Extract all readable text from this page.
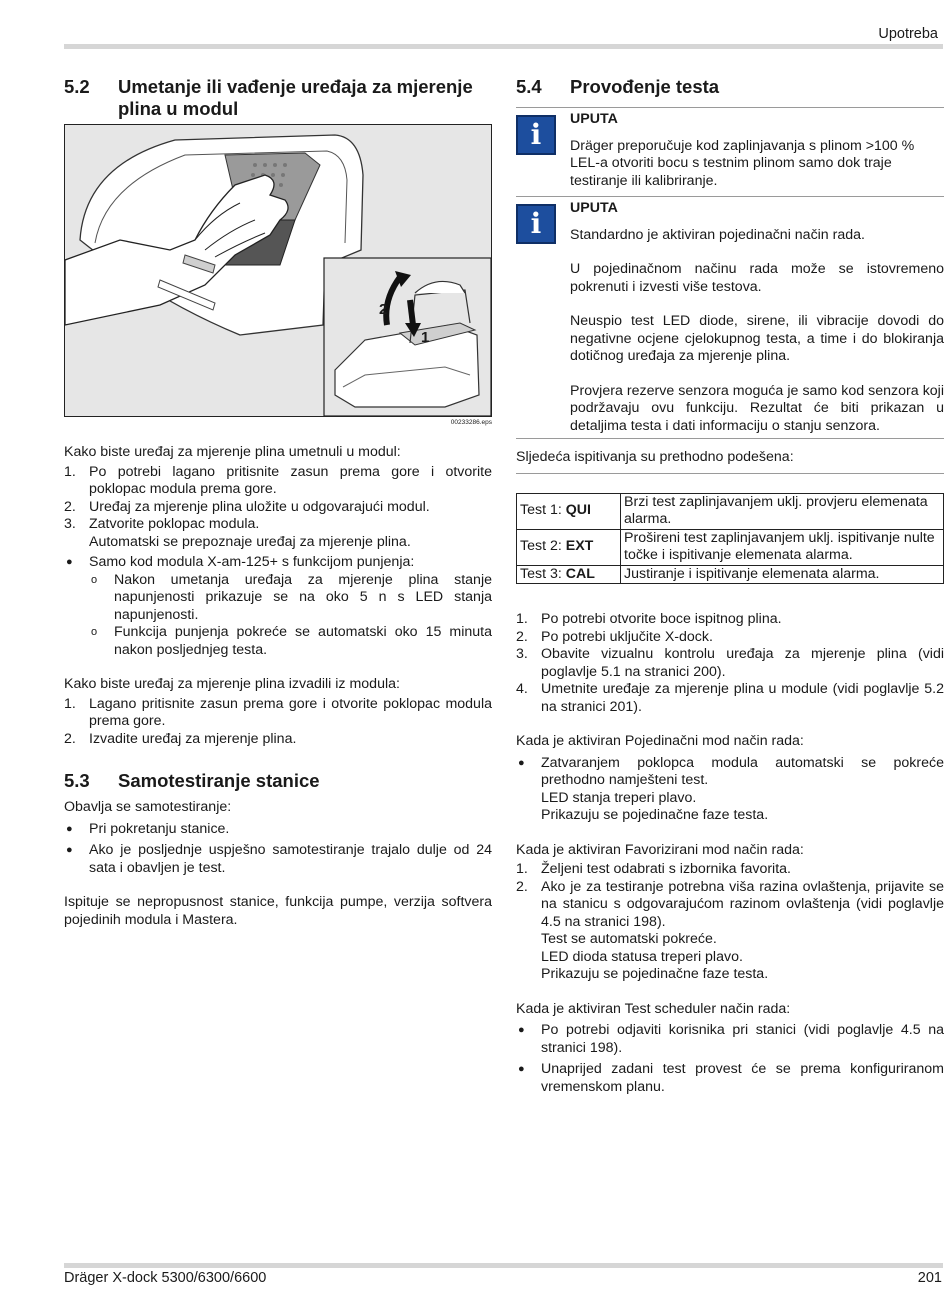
Upotreba
5.2	Umetanje ili vađenje uređaja za mjerenje plina u modul
2
1
00233286.eps

Kako biste uređaj za mjerenje plina umetnuli u modul:

1. Po potrebi lagano pritisnite zasun prema gore i otvorite poklopac modula prema gore.
2. Uređaj za mjerenje plina uložite u odgovarajući modul.
3. Zatvorite poklopac modula.
Automatski se prepoznaje uređaj za mjerenje plina.
●	Samo kod modula X-am-125+ s funkcijom punjenja:
o	Nakon umetanja uređaja za mjerenje plina stanje napunjenosti prikazuje se na oko 5 n s LED stanja napunjenosti.
o	Funkcija punjenja pokreće se automatski oko 15 minuta nakon posljednjeg testa.

Kako biste uređaj za mjerenje plina izvadili iz modula:

1. Lagano pritisnite zasun prema gore i otvorite poklopac modula prema gore.
2. Izvadite uređaj za mjerenje plina.
5.3	Samotestiranje stanice

Obavlja se samotestiranje:

●	Pri pokretanju stanice.
●	Ako je posljednje uspješno samotestiranje trajalo dulje od 24 sata i obavljen je test.

Ispituje se nepropusnost stanice, funkcija pumpe, verzija softvera pojedinih modula i Mastera.

5.4	Provođenje testa
i	UPUTA

Dräger preporučuje kod zaplinjavanja s plinom >100 % LEL-a otvoriti bocu s testnim plinom samo dok traje testiranje ili kalibriranje.

i	UPUTA

Standardno je aktiviran pojedinačni način rada.

U pojedinačnom načinu rada može se istovremeno pokrenuti i izvesti više testova.

Neuspio test LED diode, sirene, ili vibracije dovodi do negativne ocjene cjelokupnog testa, a time i do blokiranja dotičnog uređaja za mjerenje plina.

Provjera rezerve senzora moguća je samo kod senzora koji podržavaju ovu funkciju. Rezultat će biti prikazan u detaljima testa i dati informaciju o stanju senzora.

Sljedeća ispitivanja su prethodno podešena:

Test 1: QUI	Brzi test zaplinjavanjem uklj. provjeru elemenata alarma.
Test 2: EXT	Prošireni test zaplinjavanjem uklj. ispitivanje nulte točke i ispitivanje elemenata alarma.
Test 3: CAL	Justiranje i ispitivanje elemenata alarma.
1. Po potrebi otvorite boce ispitnog plina.
2. Po potrebi uključite X-dock.
3. Obavite vizualnu kontrolu uređaja za mjerenje plina (vidi poglavlje 5.1 na stranici 200).
4. Umetnite uređaje za mjerenje plina u module (vidi poglavlje 5.2 na stranici 201).

Kada je aktiviran Pojedinačni mod način rada:

●	Zatvaranjem poklopca modula automatski se pokreće prethodno namješteni test.
LED stanja treperi plavo.
Prikazuju se pojedinačne faze testa.

Kada je aktiviran Favorizirani mod način rada:

1. Željeni test odabrati s izbornika favorita.
2. Ako je za testiranje potrebna viša razina ovlaštenja, prijavite se na stanicu s odgovarajućom razinom ovlaštenja (vidi poglavlje 4.5 na stranici 198).
Test se automatski pokreće.
LED dioda statusa treperi plavo.
Prikazuju se pojedinačne faze testa.

Kada je aktiviran Test scheduler način rada:

●	Po potrebi odjaviti korisnika pri stanici (vidi poglavlje 4.5 na stranici 198).
●	Unaprijed zadani test provest će se prema konfiguriranom vremenskom planu.
Dräger X-dock 5300/6300/6600	201
